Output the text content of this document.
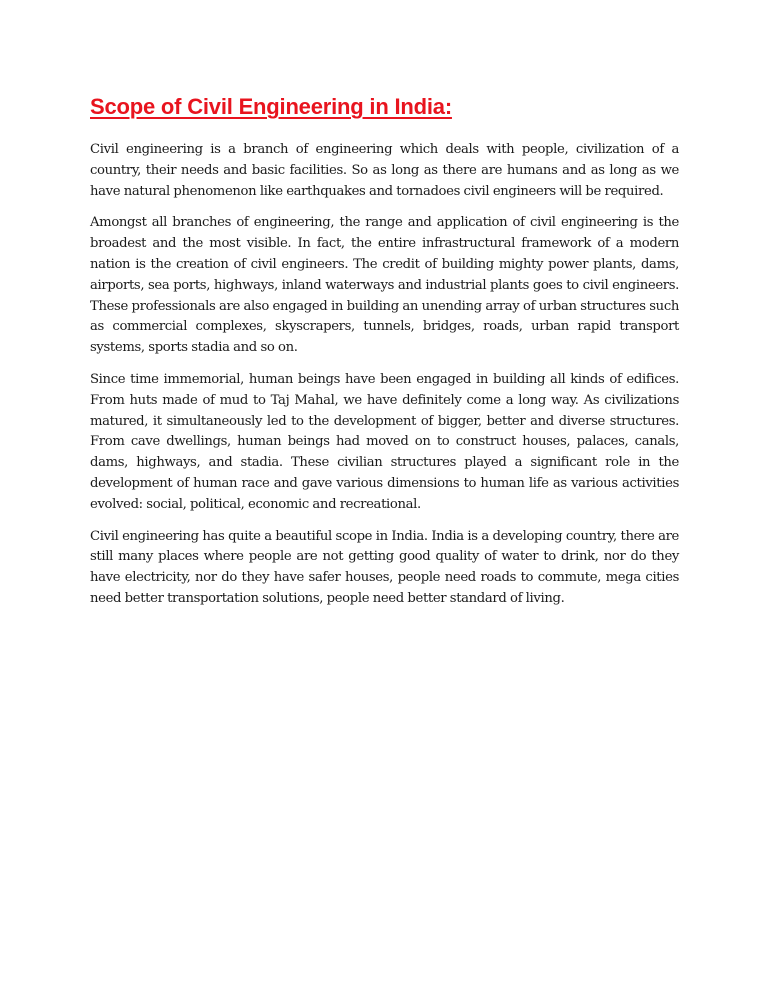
Scope of Civil Engineering in India:

Civil engineering is a branch of engineering which deals with people, civilization of a country, their needs and basic facilities. So as long as there are humans and as long as we have natural phenomenon like earthquakes and tornadoes civil engineers will be required.

Amongst all branches of engineering, the range and application of civil engineering is the broadest and the most visible. In fact, the entire infrastructural framework of a modern nation is the creation of civil engineers. The credit of building mighty power plants, dams, airports, sea ports, highways, inland waterways and industrial plants goes to civil engineers. These professionals are also engaged in building an unending array of urban structures such as commercial complexes, skyscrapers, tunnels, bridges, roads, urban rapid transport systems, sports stadia and so on.

Since time immemorial, human beings have been engaged in building all kinds of edifices. From huts made of mud to Taj Mahal, we have definitely come a long way. As civilizations matured, it simultaneously led to the development of bigger, better and diverse structures. From cave dwellings, human beings had moved on to construct houses, palaces, canals, dams, highways, and stadia. These civilian structures played a significant role in the development of human race and gave various dimensions to human life as various activities evolved: social, political, economic and recreational.

Civil engineering has quite a beautiful scope in India. India is a developing country, there are still many places where people are not getting good quality of water to drink, nor do they have electricity, nor do they have safer houses, people need roads to commute, mega cities need better transportation solutions, people need better standard of living.
